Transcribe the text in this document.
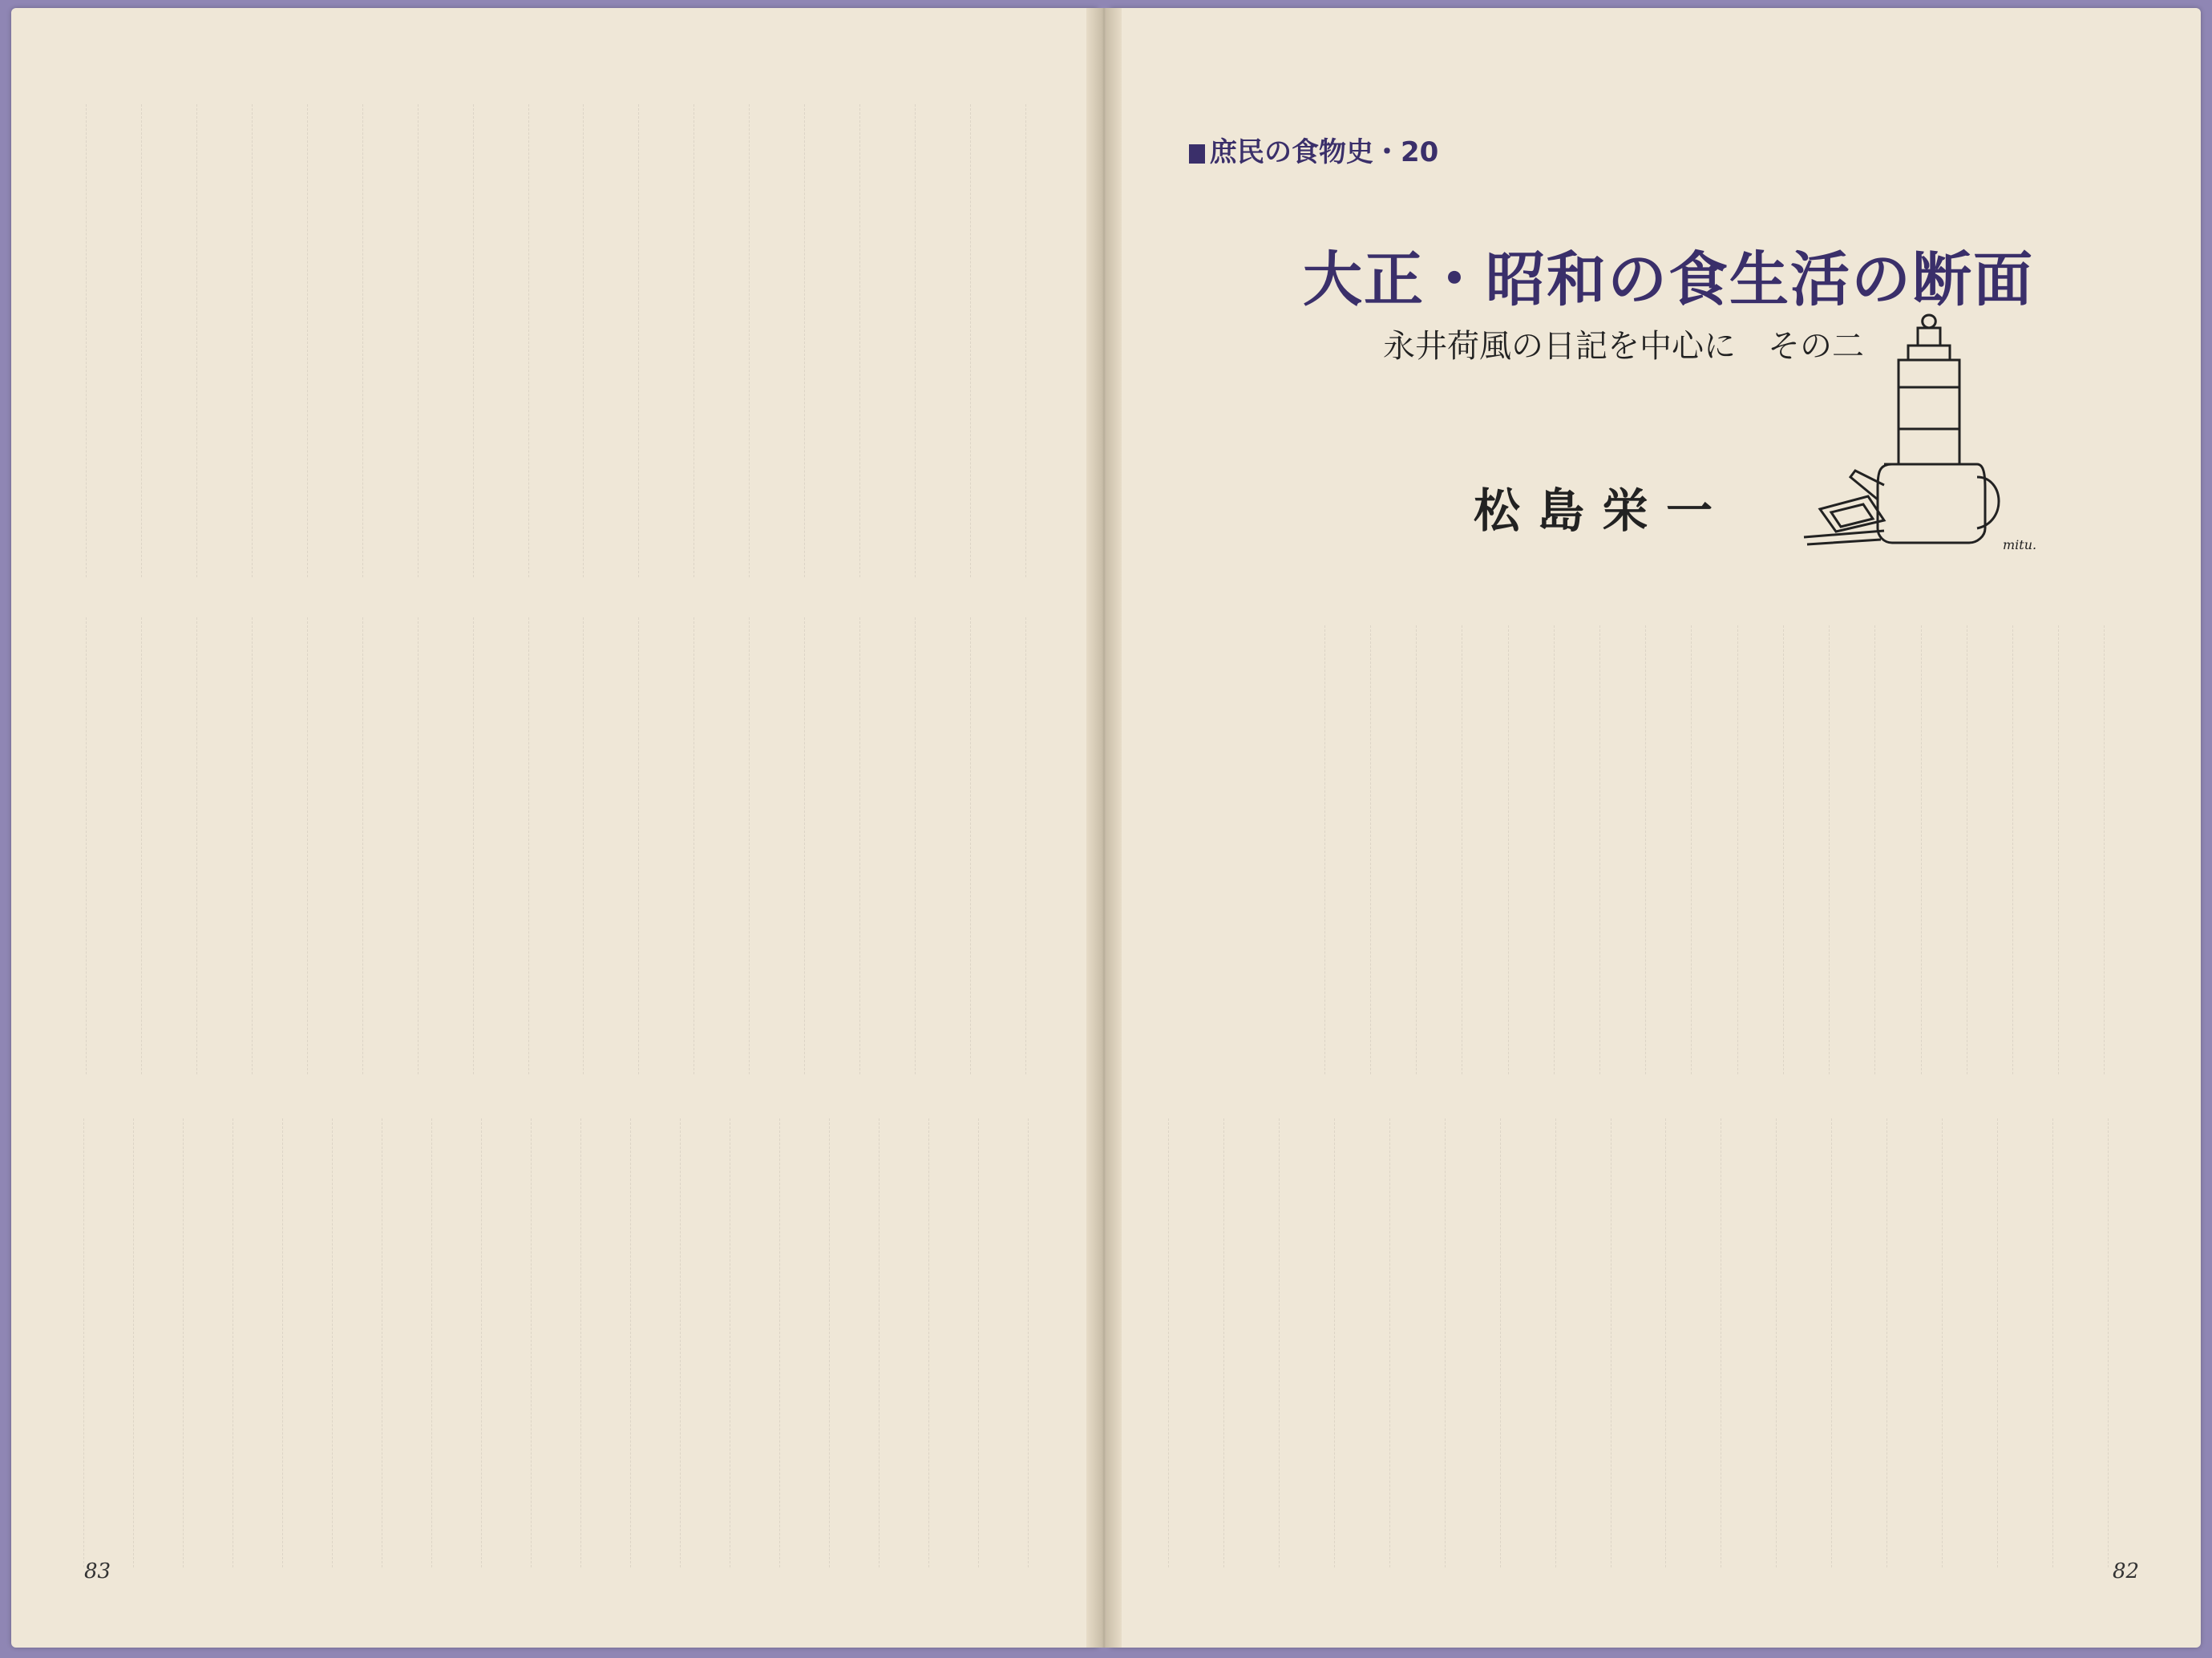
庶民の食物史・20
大正・昭和の食生活の断面
永井荷風の日記を中心に　その二
松島栄一
mitu.
83	82
